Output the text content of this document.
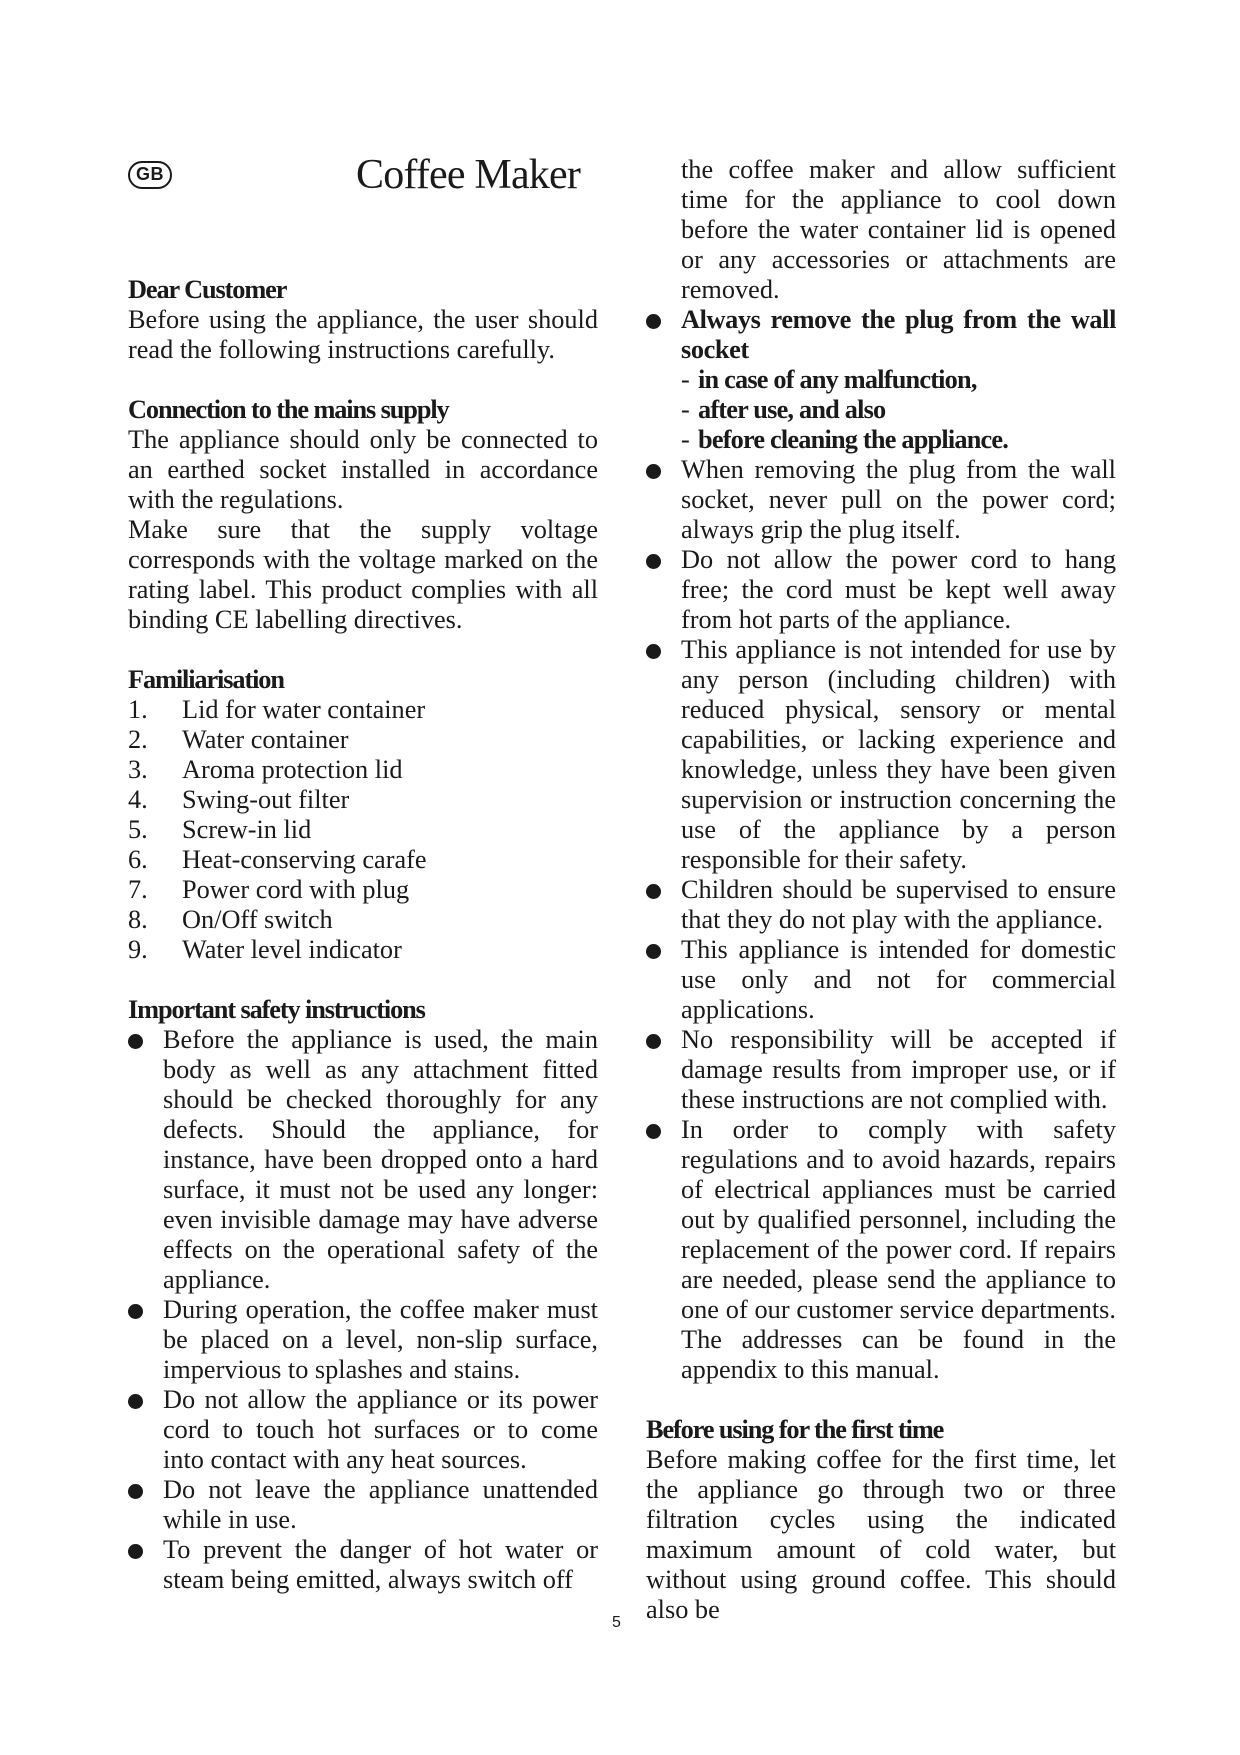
GB	Coffee Maker
Dear Customer
Before using the appliance, the user should read the following instructions carefully.
Connection to the mains supply
The appliance should only be connected to an earthed socket installed in accordance with the regulations.
Make sure that the supply voltage corresponds with the voltage marked on the rating label. This product complies with all binding CE labelling directives.
Familiarisation
1.	Lid for water container
2.	Water container
3.	Aroma protection lid
4.	Swing-out filter
5.	Screw-in lid
6.	Heat-conserving carafe
7.	Power cord with plug
8.	On/Off switch
9.	Water level indicator
Important safety instructions
Before the appliance is used, the main body as well as any attachment fitted should be checked thoroughly for any defects. Should the appliance, for instance, have been dropped onto a hard surface, it must not be used any longer: even invisible damage may have adverse effects on the operational safety of the appliance.
During operation, the coffee maker must be placed on a level, non-slip surface, impervious to splashes and stains.
Do not allow the appliance or its power cord to touch hot surfaces or to come into contact with any heat sources.
Do not leave the appliance unattended while in use.
To prevent the danger of hot water or steam being emitted, always switch off
the coffee maker and allow sufficient time for the appliance to cool down before the water container lid is opened or any accessories or attachments are removed.
Always remove the plug from the wall socket
- in case of any malfunction,
- after use, and also
- before cleaning the appliance.
When removing the plug from the wall socket, never pull on the power cord; always grip the plug itself.
Do not allow the power cord to hang free; the cord must be kept well away from hot parts of the appliance.
This appliance is not intended for use by any person (including children) with reduced physical, sensory or mental capabilities, or lacking experience and knowledge, unless they have been given supervision or instruction concerning the use of the appliance by a person responsible for their safety.
Children should be supervised to ensure that they do not play with the appliance.
This appliance is intended for domestic use only and not for commercial applications.
No responsibility will be accepted if damage results from improper use, or if these instructions are not complied with.
In order to comply with safety regulations and to avoid hazards, repairs of electrical appliances must be carried out by qualified personnel, including the replacement of the power cord. If repairs are needed, please send the appliance to one of our customer service departments. The addresses can be found in the appendix to this manual.
Before using for the first time
Before making coffee for the first time, let the appliance go through two or three filtration cycles using the indicated maximum amount of cold water, but without using ground coffee. This should also be
5
